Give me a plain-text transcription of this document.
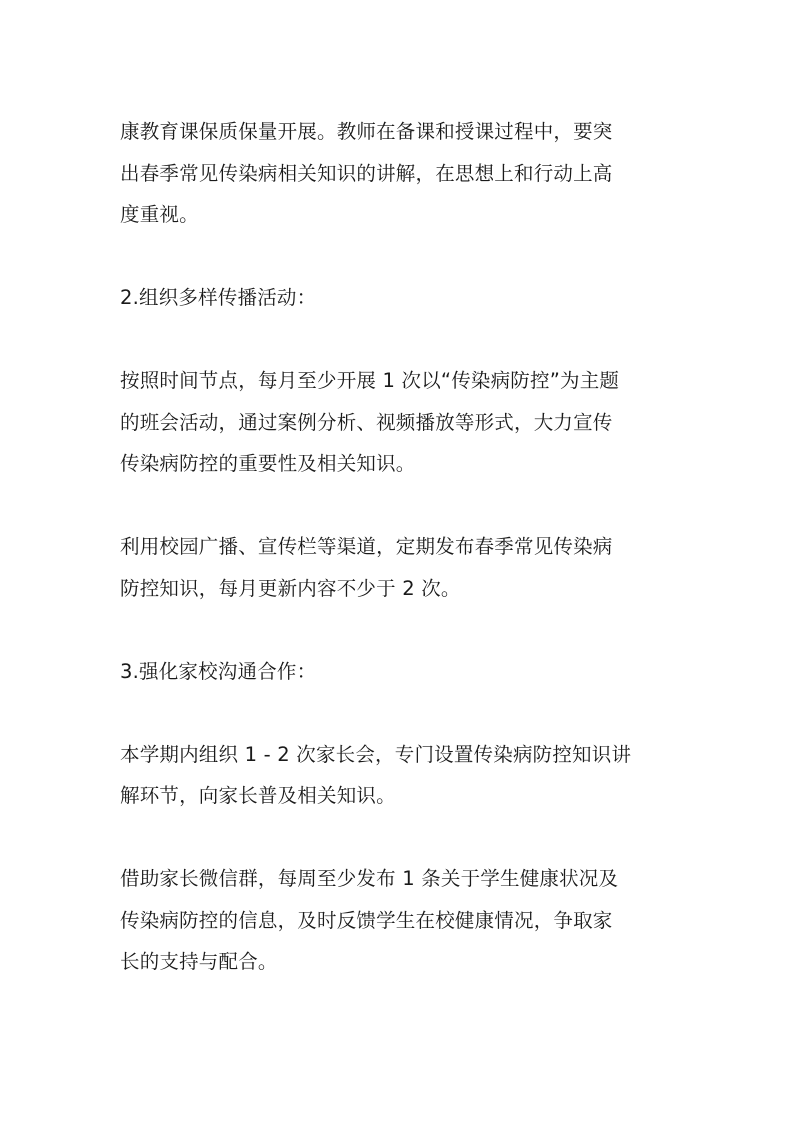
康教育课保质保量开展。教师在备课和授课过程中，要突
出春季常见传染病相关知识的讲解，在思想上和行动上高
度重视。

2.组织多样传播活动：

按照时间节点，每月至少开展 1 次以“传染病防控”为主题
的班会活动，通过案例分析、视频播放等形式，大力宣传
传染病防控的重要性及相关知识。

利用校园广播、宣传栏等渠道，定期发布春季常见传染病
防控知识，每月更新内容不少于 2 次。

3.强化家校沟通合作：

本学期内组织 1 - 2 次家长会，专门设置传染病防控知识讲
解环节，向家长普及相关知识。

借助家长微信群，每周至少发布 1 条关于学生健康状况及
传染病防控的信息，及时反馈学生在校健康情况，争取家
长的支持与配合。
